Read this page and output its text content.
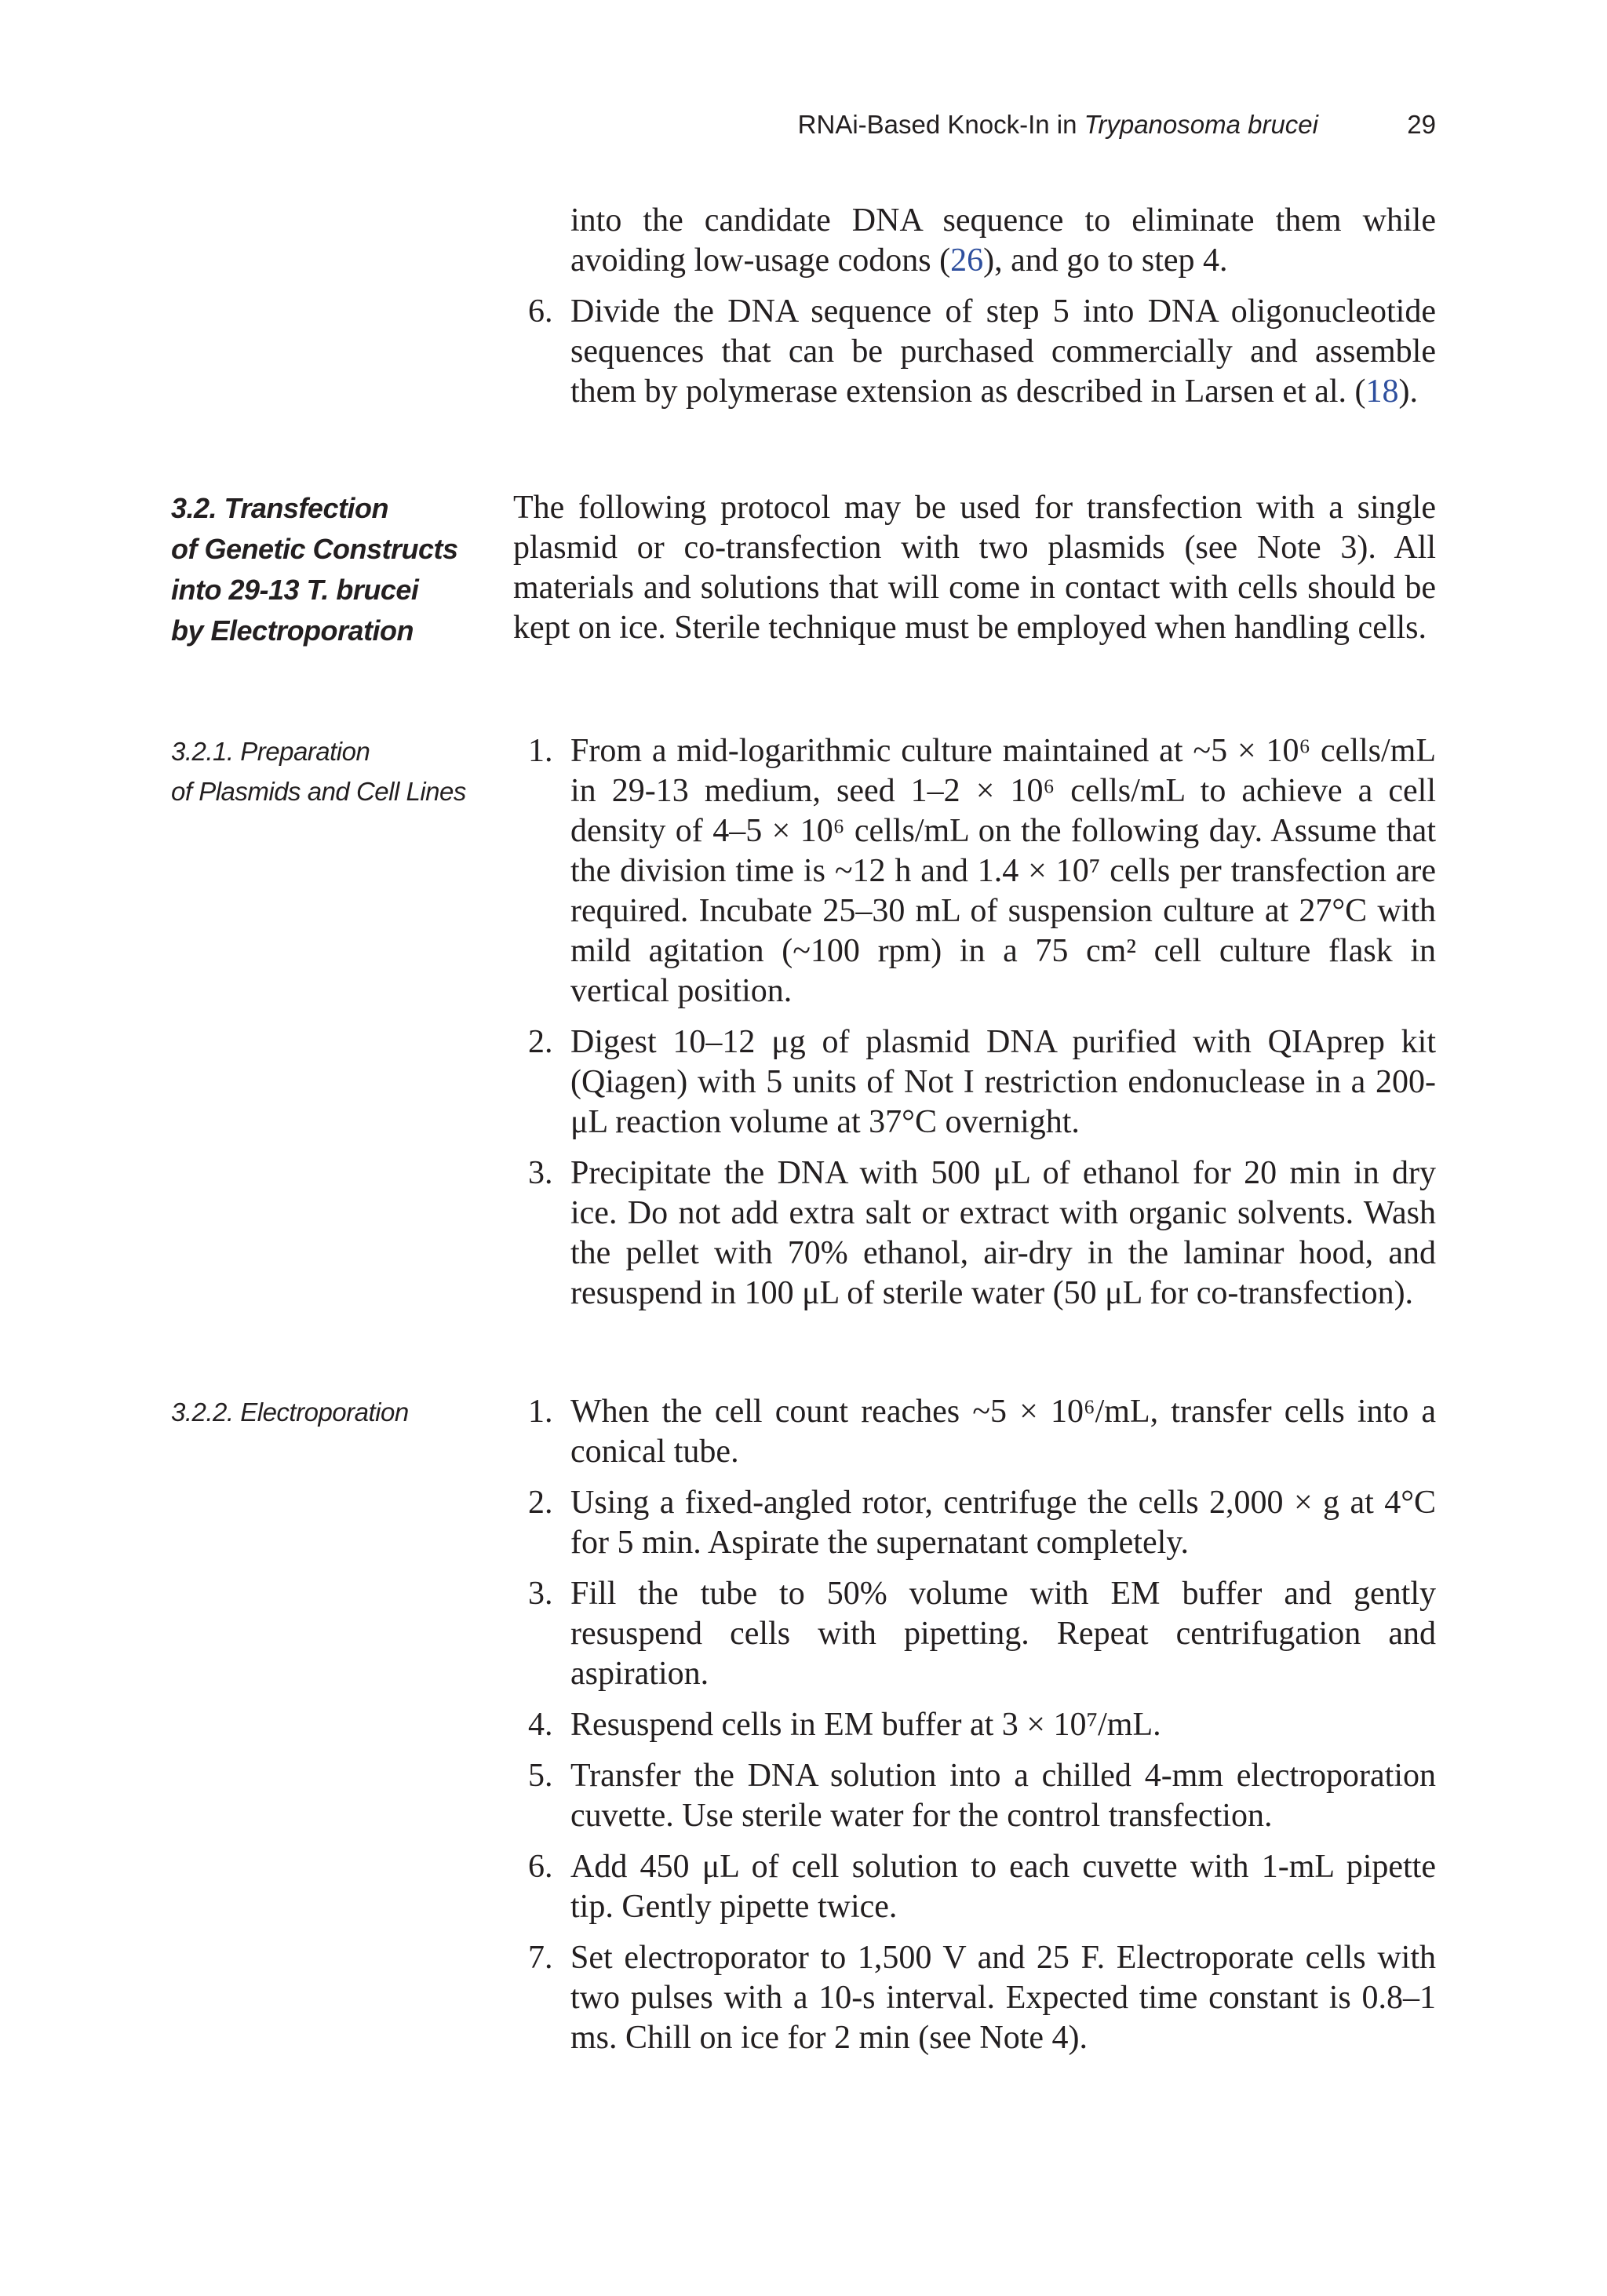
RNAi-Based Knock-In in Trypanosoma brucei	29
into the candidate DNA sequence to eliminate them while avoiding low-usage codons (26), and go to step 4.
6. Divide the DNA sequence of step 5 into DNA oligonucleotide sequences that can be purchased commercially and assemble them by polymerase extension as described in Larsen et al. (18).
3.2. Transfection
of Genetic Constructs
into 29-13 T. brucei
by Electroporation

The following protocol may be used for transfection with a single plasmid or co-transfection with two plasmids (see Note 3). All materials and solutions that will come in contact with cells should be kept on ice. Sterile technique must be employed when handling cells.

3.2.1. Preparation
of Plasmids and Cell Lines
1. From a mid-logarithmic culture maintained at ~5 × 10⁶ cells/mL in 29-13 medium, seed 1–2 × 10⁶ cells/mL to achieve a cell density of 4–5 × 10⁶ cells/mL on the following day. Assume that the division time is ~12 h and 1.4 × 10⁷ cells per transfection are required. Incubate 25–30 mL of suspension culture at 27°C with mild agitation (~100 rpm) in a 75 cm² cell culture flask in vertical position.
2. Digest 10–12 μg of plasmid DNA purified with QIAprep kit (Qiagen) with 5 units of Not I restriction endonuclease in a 200-μL reaction volume at 37°C overnight.
3. Precipitate the DNA with 500 μL of ethanol for 20 min in dry ice. Do not add extra salt or extract with organic solvents. Wash the pellet with 70% ethanol, air-dry in the laminar hood, and resuspend in 100 μL of sterile water (50 μL for co-transfection).
3.2.2. Electroporation	1. When the cell count reaches ~5 × 10⁶/mL, transfer cells into a conical tube.
2. Using a fixed-angled rotor, centrifuge the cells 2,000 × g at 4°C for 5 min. Aspirate the supernatant completely.
3. Fill the tube to 50% volume with EM buffer and gently resuspend cells with pipetting. Repeat centrifugation and aspiration.
4. Resuspend cells in EM buffer at 3 × 10⁷/mL.
5. Transfer the DNA solution into a chilled 4-mm electroporation cuvette. Use sterile water for the control transfection.
6. Add 450 μL of cell solution to each cuvette with 1-mL pipette tip. Gently pipette twice.
7. Set electroporator to 1,500 V and 25 F. Electroporate cells with two pulses with a 10-s interval. Expected time constant is 0.8–1 ms. Chill on ice for 2 min (see Note 4).
